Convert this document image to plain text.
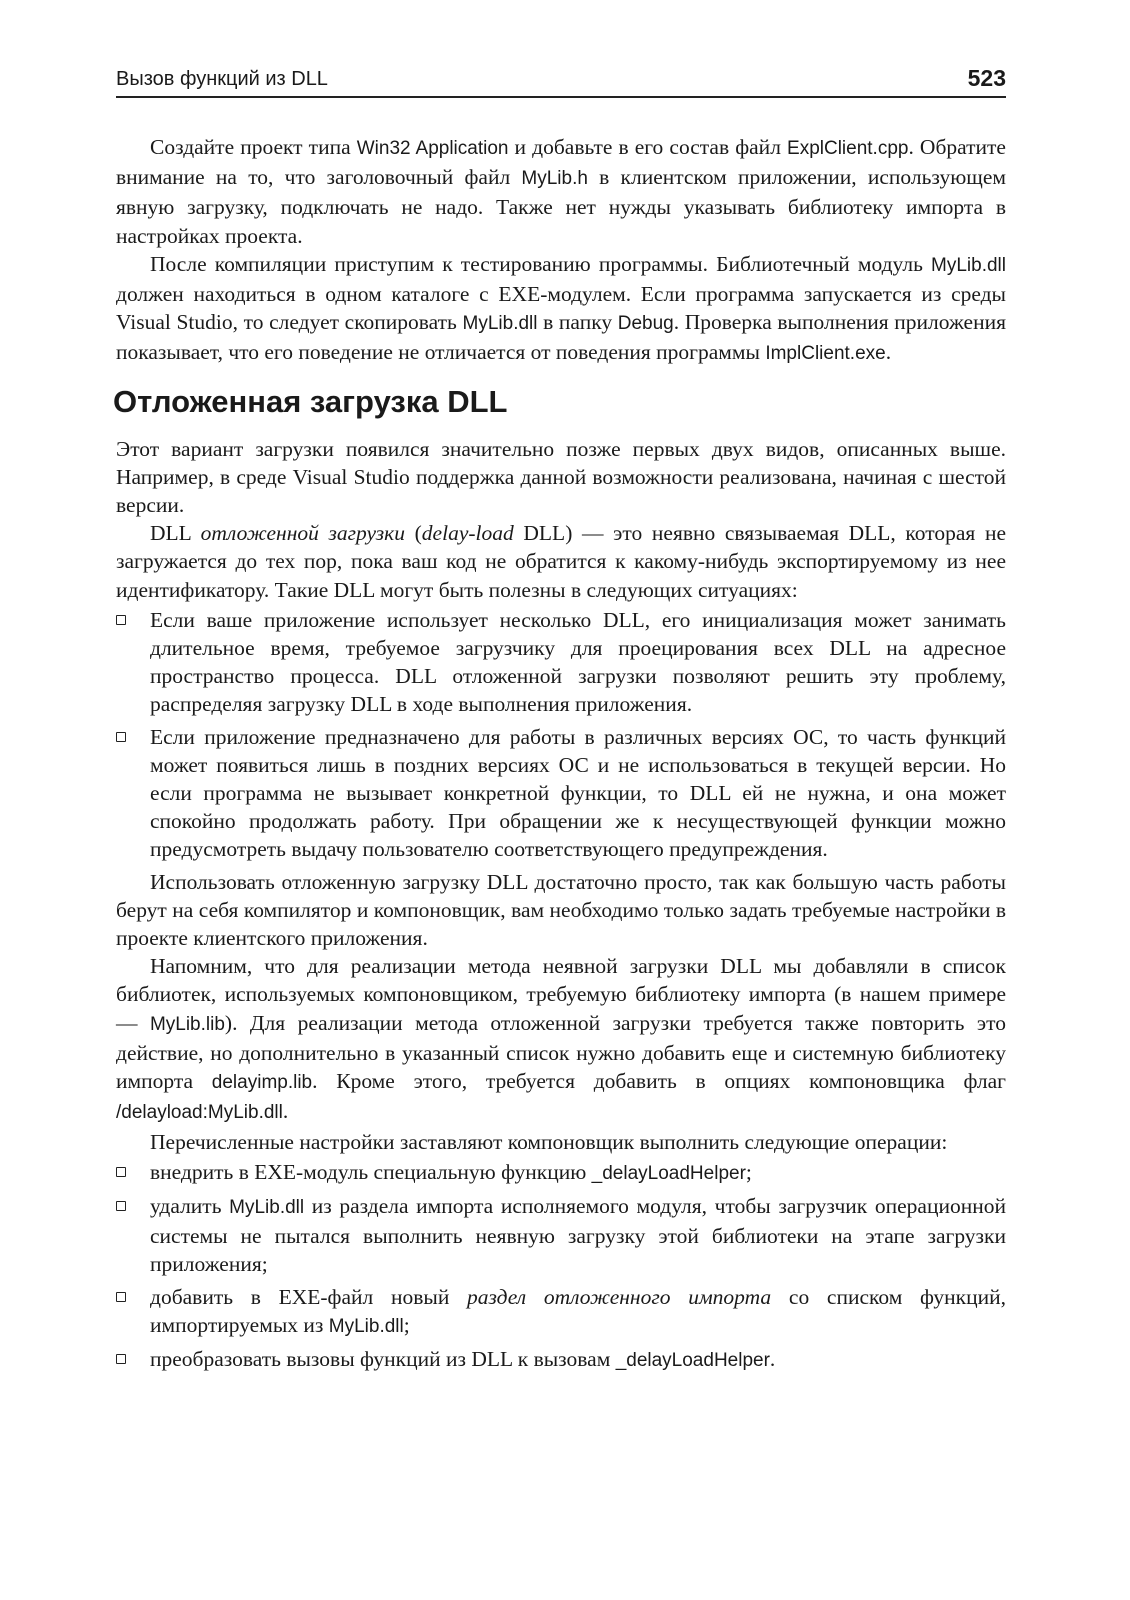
Вызов функций из DLL	523

Создайте проект типа Win32 Application и добавьте в его состав файл ExplClient.cpp. Обратите внимание на то, что заголовочный файл MyLib.h в клиентском приложении, использующем явную загрузку, подключать не надо. Также нет нужды указывать библиотеку импорта в настройках проекта.

После компиляции приступим к тестированию программы. Библиотечный модуль MyLib.dll должен находиться в одном каталоге с EXE-модулем. Если программа запускается из среды Visual Studio, то следует скопировать MyLib.dll в папку Debug. Проверка выполнения приложения показывает, что его поведение не отличается от поведения программы ImplClient.exe.

Отложенная загрузка DLL

Этот вариант загрузки появился значительно позже первых двух видов, описанных выше. Например, в среде Visual Studio поддержка данной возможности реализована, начиная с шестой версии.

DLL отложенной загрузки (delay-load DLL) — это неявно связываемая DLL, которая не загружается до тех пор, пока ваш код не обратится к какому-нибудь экспортируемому из нее идентификатору. Такие DLL могут быть полезны в следующих ситуациях:

Если ваше приложение использует несколько DLL, его инициализация может занимать длительное время, требуемое загрузчику для проецирования всех DLL на адресное пространство процесса. DLL отложенной загрузки позволяют решить эту проблему, распределяя загрузку DLL в ходе выполнения приложения.
Если приложение предназначено для работы в различных версиях ОС, то часть функций может появиться лишь в поздних версиях ОС и не использоваться в текущей версии. Но если программа не вызывает конкретной функции, то DLL ей не нужна, и она может спокойно продолжать работу. При обращении же к несуществующей функции можно предусмотреть выдачу пользователю соответствующего предупреждения.

Использовать отложенную загрузку DLL достаточно просто, так как большую часть работы берут на себя компилятор и компоновщик, вам необходимо только задать требуемые настройки в проекте клиентского приложения.

Напомним, что для реализации метода неявной загрузки DLL мы добавляли в список библиотек, используемых компоновщиком, требуемую библиотеку импорта (в нашем примере — MyLib.lib). Для реализации метода отложенной загрузки требуется также повторить это действие, но дополнительно в указанный список нужно добавить еще и системную библиотеку импорта delayimp.lib. Кроме этого, требуется добавить в опциях компоновщика флаг /delayload:MyLib.dll.

Перечисленные настройки заставляют компоновщик выполнить следующие операции:

внедрить в EXE-модуль специальную функцию _delayLoadHelper;
удалить MyLib.dll из раздела импорта исполняемого модуля, чтобы загрузчик операционной системы не пытался выполнить неявную загрузку этой библиотеки на этапе загрузки приложения;
добавить в EXE-файл новый раздел отложенного импорта со списком функций, импортируемых из MyLib.dll;
преобразовать вызовы функций из DLL к вызовам _delayLoadHelper.
